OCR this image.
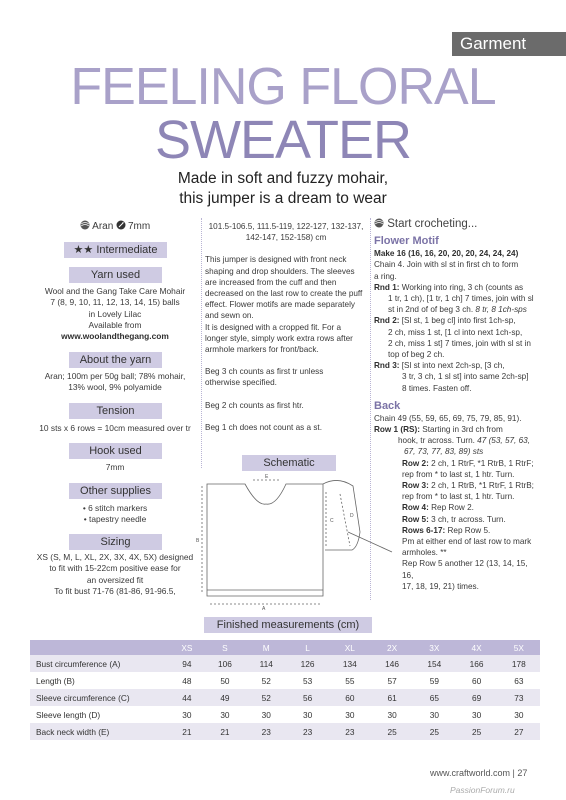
Garment
FEELING FLORAL
SWEATER
Made in soft and fuzzy mohair,
this jumper is a dream to wear
Aran 7mm
★★ Intermediate
Yarn used
Wool and the Gang Take Care Mohair
7 (8, 9, 10, 11, 12, 13, 14, 15) balls
in Lovely Lilac
Available from
www.woolandthegang.com
About the yarn
Aran; 100m per 50g ball; 78% mohair,
13% wool, 9% polyamide
Tension
10 sts x 6 rows = 10cm measured over tr
Hook used
7mm
Other supplies
• 6 stitch markers
• tapestry needle
Sizing
XS (S, M, L, XL, 2X, 3X, 4X, 5X) designed
to fit with 15-22cm positive ease for
an oversized fit
To fit bust 71-76 (81-86, 91-96.5,
101.5-106.5, 111.5-119, 122-127, 132-137,
142-147, 152-158) cm
This jumper is designed with front neck
shaping and drop shoulders. The sleeves
are increased from the cuff and then
decreased on the last row to create the puff
effect. Flower motifs are made separately
and sewn on.
It is designed with a cropped fit. For a
longer style, simply work extra rows after
armhole markers for front/back.
Beg 3 ch counts as first tr unless
otherwise specified.
Beg 2 ch counts as first htr.
Beg 1 ch does not count as a st.
Schematic
E
B
A
C
D
Start crocheting...
Flower Motif
Make 16 (16, 16, 20, 20, 20, 24, 24, 24)
Chain 4. Join with sl st in first ch to form
a ring.
Rnd 1: Working into ring, 3 ch (counts as
1 tr, 1 ch), [1 tr, 1 ch] 7 times, join with sl
st in 2nd of of beg 3 ch. 8 tr, 8 1ch-sps
Rnd 2: [Sl st, 1 beg cl] into first 1ch-sp,
2 ch, miss 1 st, [1 cl into next 1ch-sp,
2 ch, miss 1 st] 7 times, join with sl st in
top of beg 2 ch.
Rnd 3: [Sl st into next 2ch-sp, [3 ch,
3 tr, 3 ch, 1 sl st] into same 2ch-sp]
8 times. Fasten off.
Back
Chain 49 (55, 59, 65, 69, 75, 79, 85, 91).
Row 1 (RS): Starting in 3rd ch from
hook, tr across. Turn. 47 (53, 57, 63,
67, 73, 77, 83, 89) sts
Row 2: 2 ch, 1 RtrF, *1 RtrB, 1 RtrF;
rep from * to last st, 1 htr. Turn.
Row 3: 2 ch, 1 RtrB, *1 RtrF, 1 RtrB;
rep from * to last st, 1 htr. Turn.
Row 4: Rep Row 2.
Row 5: 3 ch, tr across. Turn.
Rows 6-17: Rep Row 5.
Pm at either end of last row to mark
armholes. **
Rep Row 5 another 12 (13, 14, 15, 16,
17, 18, 19, 21) times.
Finished measurements (cm)
	XS	S	M	L	XL	2X	3X	4X	5X
Bust circumference (A)	94	106	114	126	134	146	154	166	178
Length (B)	48	50	52	53	55	57	59	60	63
Sleeve circumference (C)	44	49	52	56	60	61	65	69	73
Sleeve length (D)	30	30	30	30	30	30	30	30	30
Back neck width (E)	21	21	23	23	23	25	25	25	27
www.craftworld.com | 27
PassionForum.ru
